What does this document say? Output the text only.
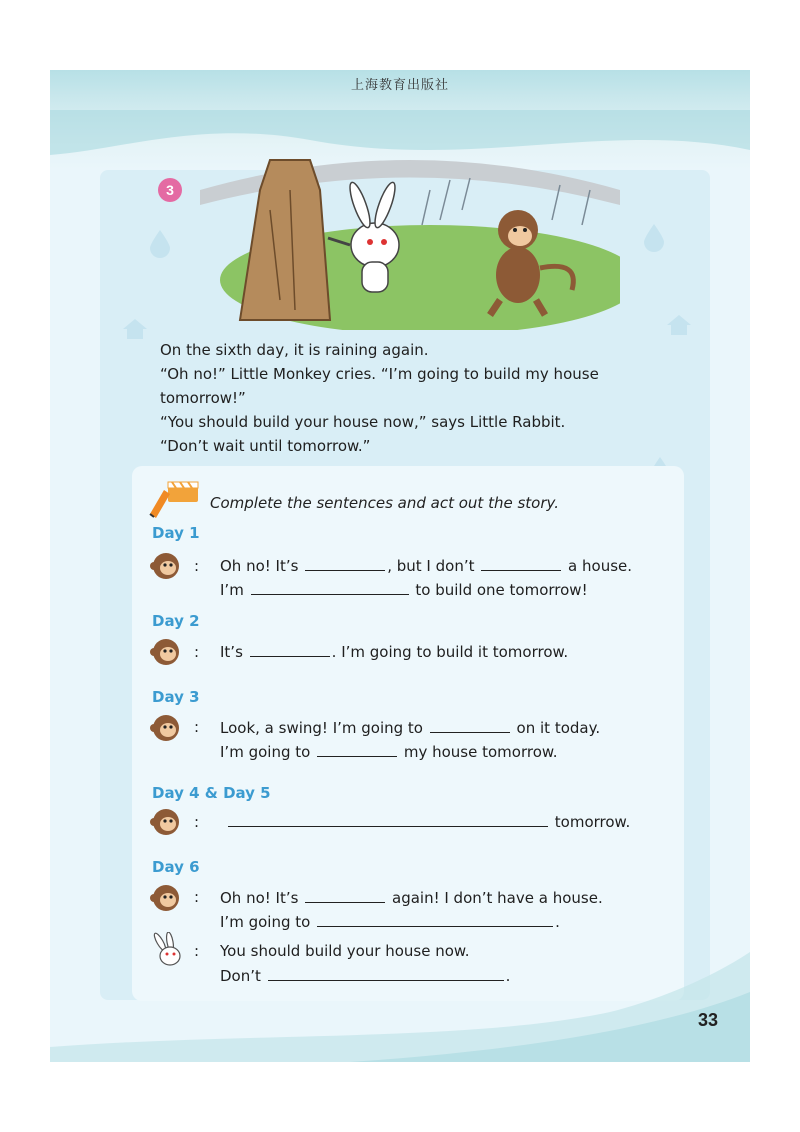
上海教育出版社
3

On the sixth day, it is raining again.

“Oh no!” Little Monkey cries. “I’m going to build my house

tomorrow!”

“You should build your house now,” says Little Rabbit.

“Don’t wait until tomorrow.”

Complete the sentences and act out the story.
Day 1
: Oh no! It’s	, but I don’t	a house.
I’m	to build one tomorrow!
Day 2
: It’s	. I’m going to build it tomorrow.
Day 3
: Look, a swing! I’m going to	on it today.
I’m going to	my house tomorrow.
Day 4 & Day 5
:	tomorrow.
Day 6
: Oh no! It’s	again! I don’t have a house.
I’m going to	.
: You should build your house now.
Don’t	.
33
